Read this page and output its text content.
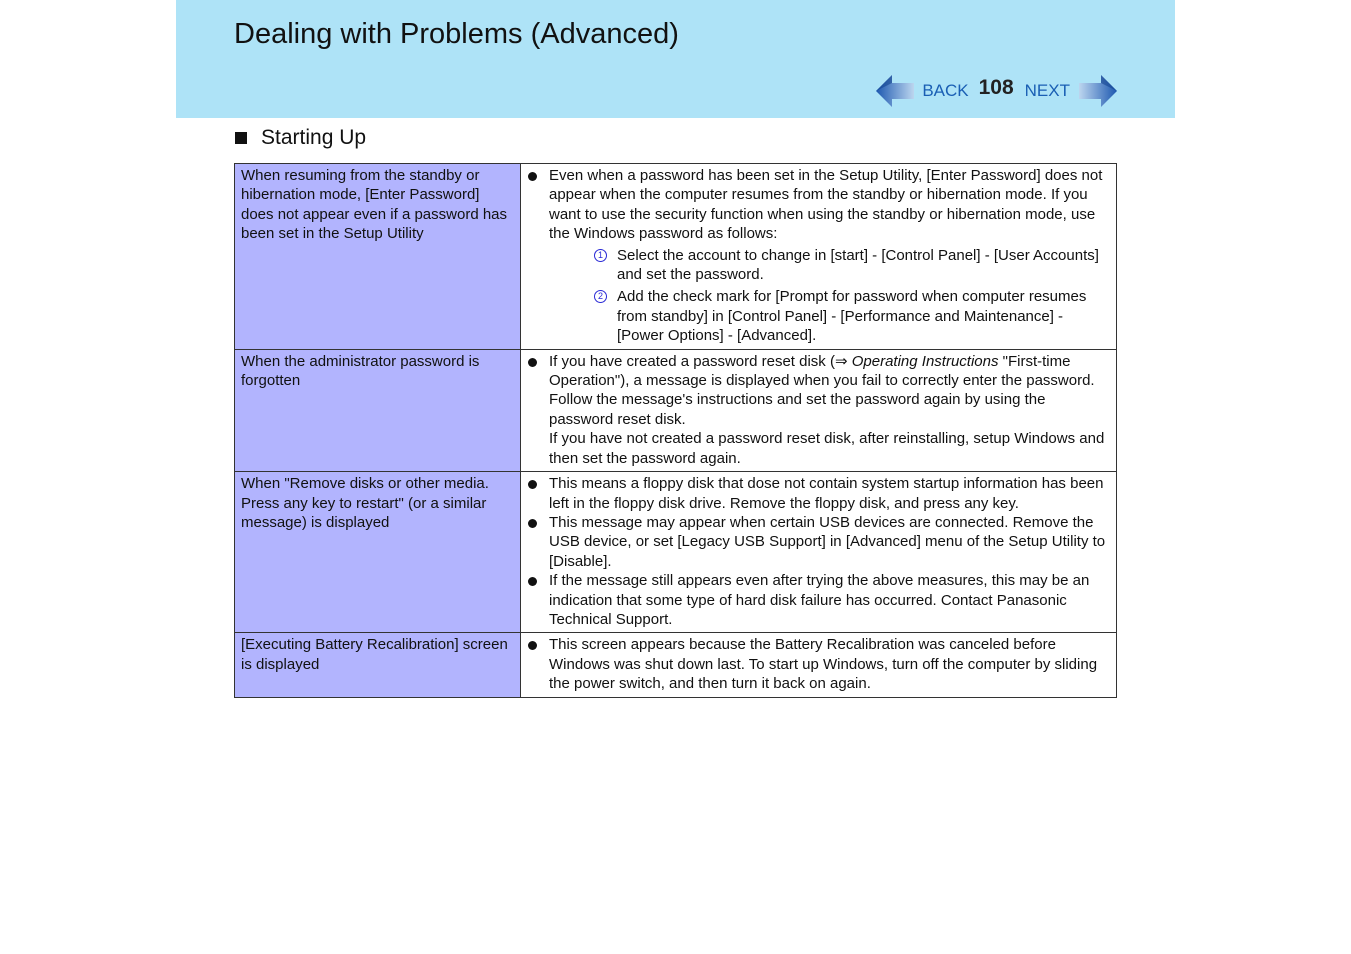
Dealing with Problems (Advanced)
BACK 108 NEXT
Starting Up
When resuming from the standby or hibernation mode, [Enter Password] does not appear even if a password has been set in the Setup Utility	Even when a password has been set in the Setup Utility, [Enter Password] does not appear when the computer resumes from the standby or hibernation mode. If you want to use the security function when using the standby or hibernation mode, use the Windows password as follows:

1 Select the account to change in [start] - [Control Panel] - [User Accounts] and set the password.

2 Add the check mark for [Prompt for password when computer resumes from standby] in [Control Panel] - [Performance and Maintenance] - [Power Options] - [Advanced].

When the administrator password is forgotten	If you have created a password reset disk (⇒ Operating Instructions "First-time Operation"), a message is displayed when you fail to correctly enter the password. Follow the message's instructions and set the password again by using the password reset disk.

If you have not created a password reset disk, after reinstalling, setup Windows and then set the password again.

When "Remove disks or other media. Press any key to restart" (or a similar message) is displayed	This means a floppy disk that dose not contain system startup information has been left in the floppy disk drive. Remove the floppy disk, and press any key.

This message may appear when certain USB devices are connected. Remove the USB device, or set [Legacy USB Support] in [Advanced] menu of the Setup Utility to [Disable].

If the message still appears even after trying the above measures, this may be an indication that some type of hard disk failure has occurred. Contact Panasonic Technical Support.

[Executing Battery Recalibration] screen is displayed	This screen appears because the Battery Recalibration was canceled before Windows was shut down last. To start up Windows, turn off the computer by sliding the power switch, and then turn it back on again.
